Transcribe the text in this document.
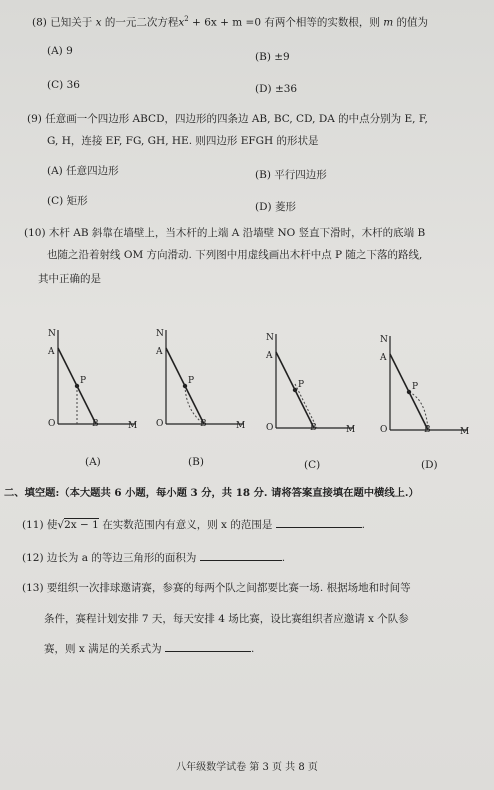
(8) 已知关于 x 的一元二次方程$x^2 + 6x + m =0$ 有两个相等的实数根，则 m 的值为
(A) 9	(B) ±9
(C) 36	(D) ±36
(9) 任意画一个四边形 ABCD，四边形的四条边 AB, BC, CD, DA 的中点分别为 E, F,
G, H，连接 EF, FG, GH, HE. 则四边形 EFGH 的形状是
(A) 任意四边形	(B) 平行四边形
(C) 矩形	(D) 菱形
(10) 木杆 AB 斜靠在墙壁上，当木杆的上端 A 沿墙壁 NO 竖直下滑时，木杆的底端 B
也随之沿着射线 OM 方向滑动. 下列图中用虚线画出木杆中点 P 随之下落的路线,
其中正确的是
N
A
P
O	B	M
(A)
N
A
P
O	B	M
(B)
N
A
P
O	B	M
(C)
N
A
P
O	B	M
(D)
二、填空题:（本大题共 6 小题，每小题 3 分，共 18 分. 请将答案直接填在题中横线上.）
(11) 使√2x − 1 在实数范围内有意义，则 x 的范围是	.
(12) 边长为 a 的等边三角形的面积为	.
(13) 要组织一次排球邀请赛，参赛的每两个队之间都要比赛一场. 根据场地和时间等
条件，赛程计划安排 7 天，每天安排 4 场比赛，设比赛组织者应邀请 x 个队参
赛，则 x 满足的关系式为	.
八年级数学试卷 第 3 页 共 8 页
